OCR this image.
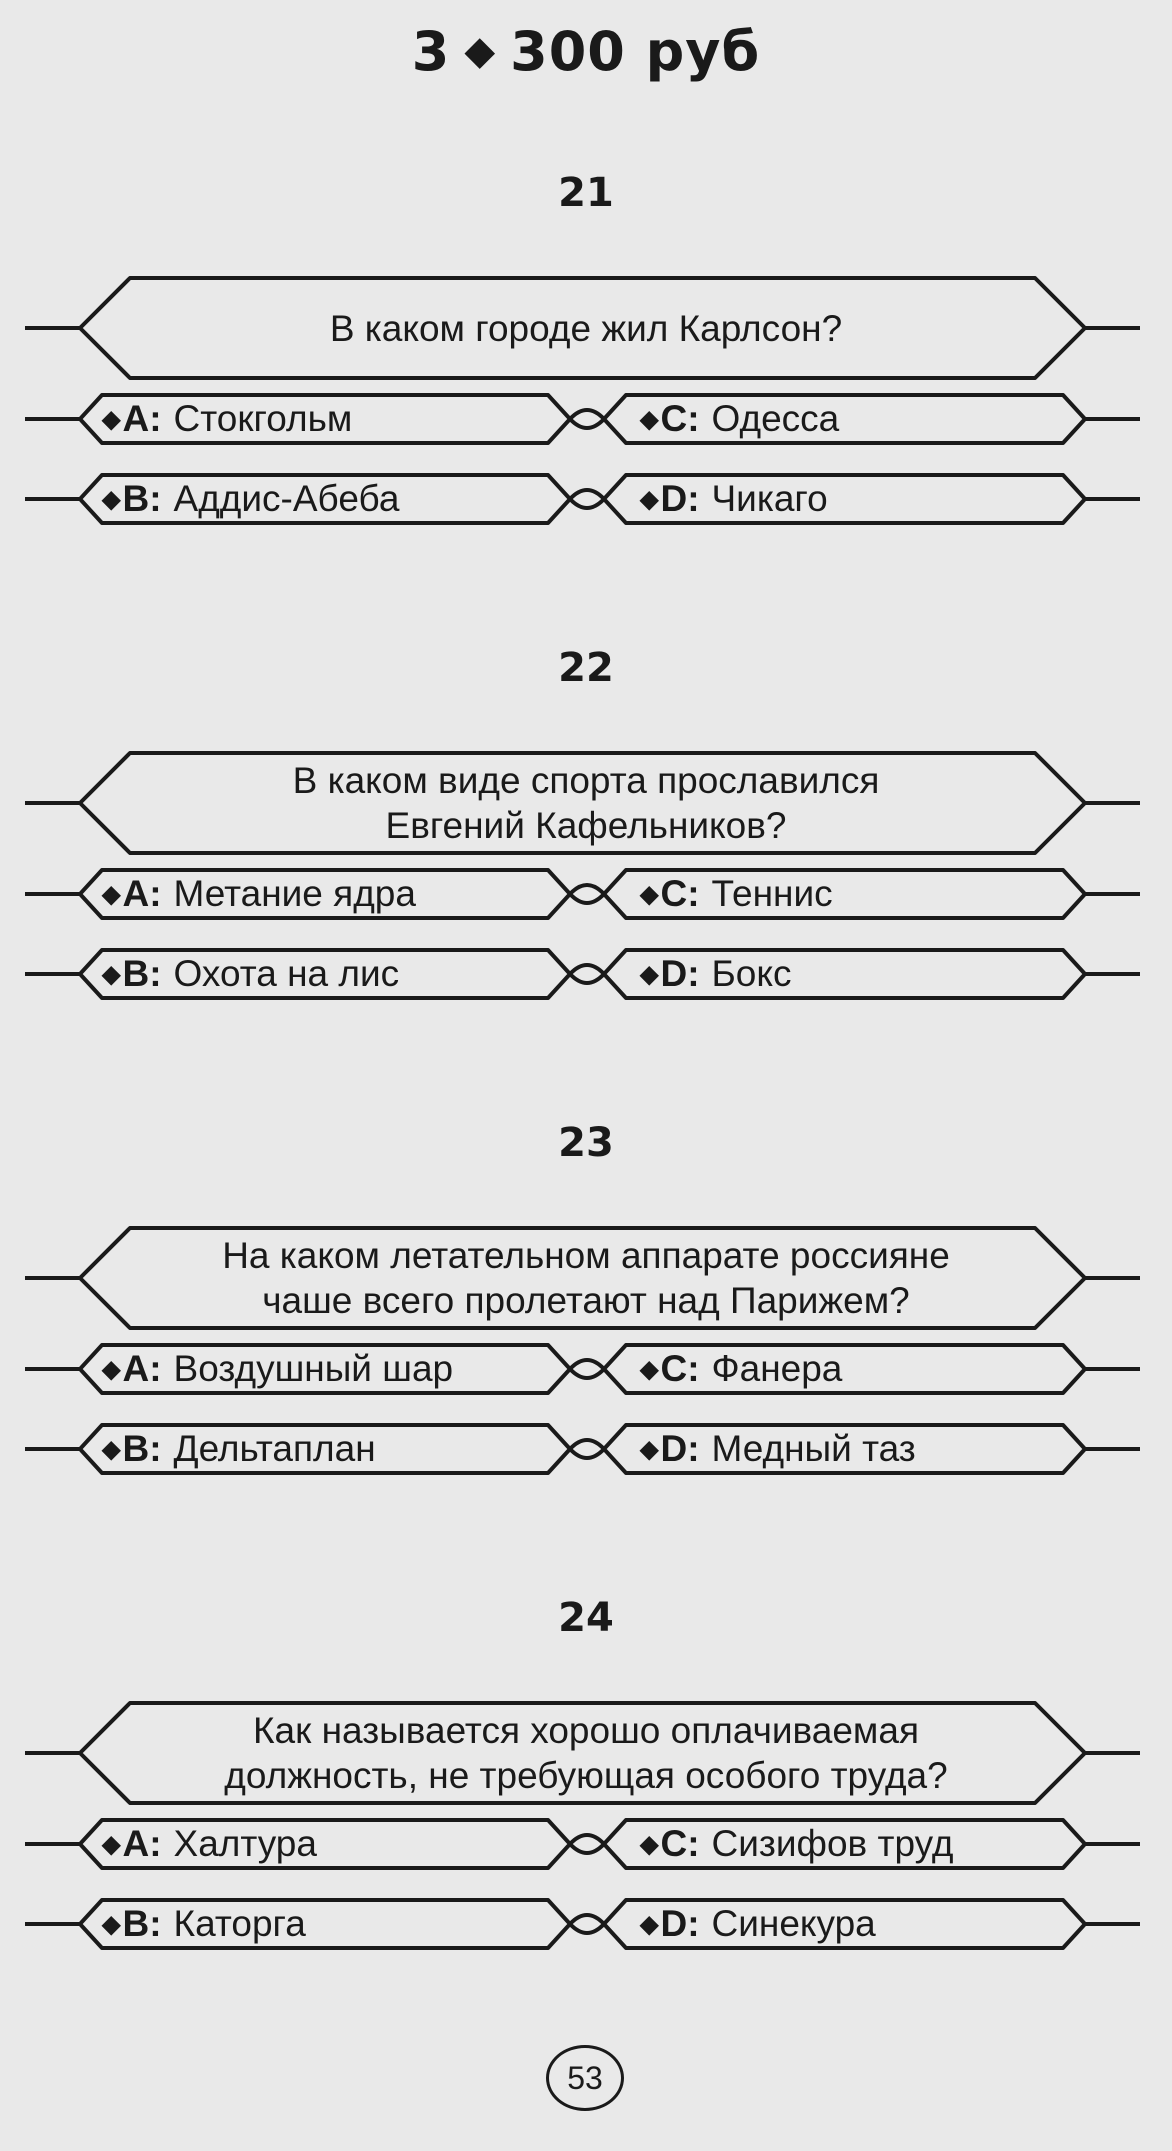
3 ◆ 300 руб
21
В каком городе жил Карлсон?
◆A: Стокгольм
◆B: Аддис-Абеба
◆C: Одесса
◆D: Чикаго
22
В каком виде спорта прославился
Евгений Кафельников?
◆A: Метание ядра
◆B: Охота на лис
◆C: Теннис
◆D: Бокс
23
На каком летательном аппарате россияне
чаше всего пролетают над Парижем?
◆A: Воздушный шар
◆B: Дельтаплан
◆C: Фанера
◆D: Медный таз
24
Как называется хорошо оплачиваемая
должность, не требующая особого труда?
◆A: Халтура
◆B: Каторга
◆C: Сизифов труд
◆D: Синекура
53
